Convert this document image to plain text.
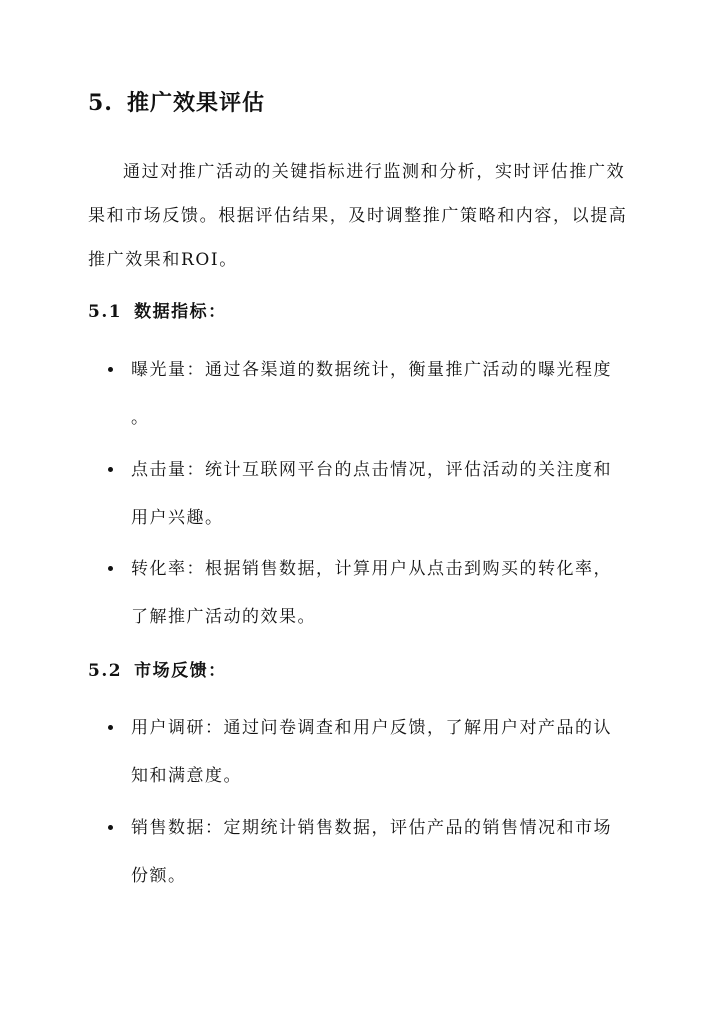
5. 推广效果评估
通过对推广活动的关键指标进行监测和分析，实时评估推广效
果和市场反馈。根据评估结果，及时调整推广策略和内容，以提高
推广效果和ROI。
5.1 数据指标：
曝光量：通过各渠道的数据统计，衡量推广活动的曝光程度
。
点击量：统计互联网平台的点击情况，评估活动的关注度和
用户兴趣。
转化率：根据销售数据，计算用户从点击到购买的转化率，
了解推广活动的效果。
5.2 市场反馈：
用户调研：通过问卷调查和用户反馈，了解用户对产品的认
知和满意度。
销售数据：定期统计销售数据，评估产品的销售情况和市场
份额。
